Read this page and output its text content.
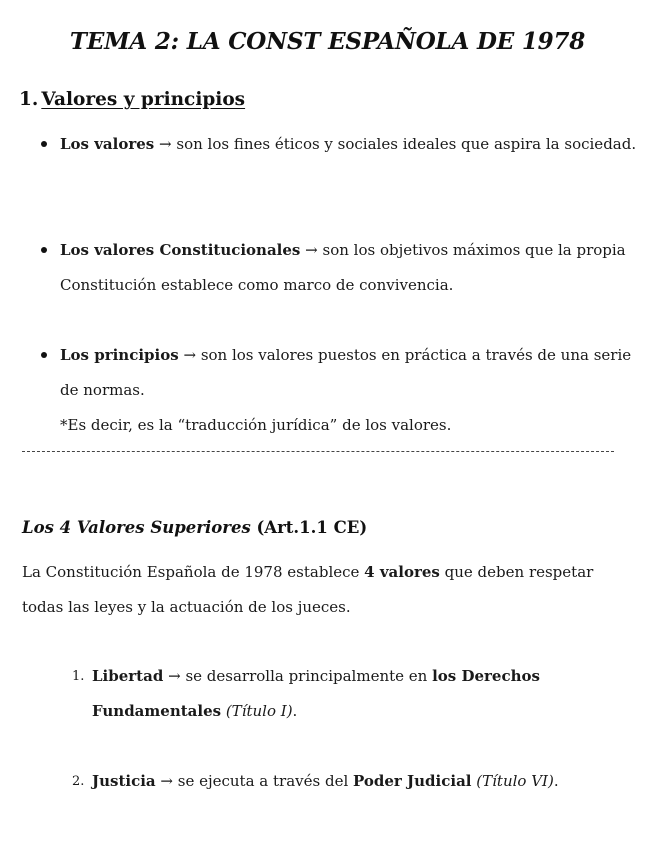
TEMA 2: LA CONST ESPAÑOLA DE 1978
1. Valores y principios
Los valores → son los fines éticos y sociales ideales que aspira la sociedad.
Los valores Constitucionales → son los objetivos máximos que la propia Constitución establece como marco de convivencia.
Los principios → son los valores puestos en práctica a través de una serie de normas.
*Es decir, es la “traducción jurídica” de los valores.
Los 4 Valores Superiores (Art.1.1 CE)
La Constitución Española de 1978 establece 4 valores que deben respetar todas las leyes y la actuación de los jueces.
1. Libertad → se desarrolla principalmente en los Derechos Fundamentales (Título I).
2. Justicia → se ejecuta a través del Poder Judicial (Título VI).
